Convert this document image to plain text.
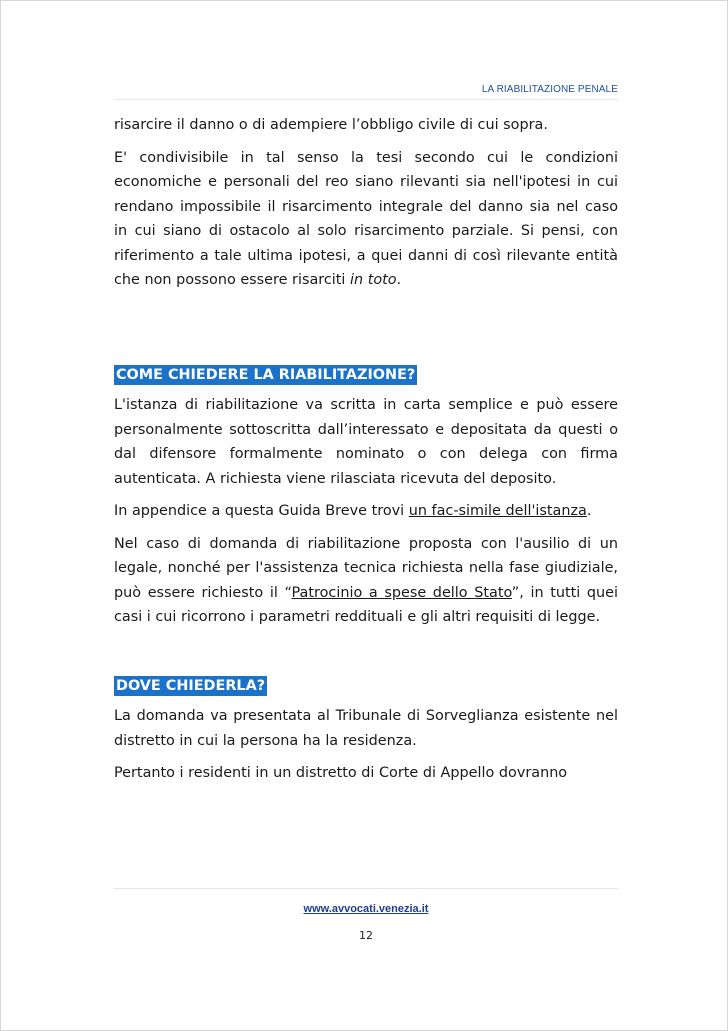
LA RIABILITAZIONE PENALE

risarcire il danno o di adempiere l’obbligo civile di cui sopra.

E' condivisibile in tal senso la tesi secondo cui le condizioni economiche e personali del reo siano rilevanti sia nell'ipotesi in cui rendano impossibile il risarcimento integrale del danno sia nel caso in cui siano di ostacolo al solo risarcimento parziale. Si pensi, con riferimento a tale ultima ipotesi, a quei danni di così rilevante entità che non possono essere risarciti in toto.

COME CHIEDERE LA RIABILITAZIONE?

L'istanza di riabilitazione va scritta in carta semplice e può essere personalmente sottoscritta dall’interessato e depositata da questi o dal difensore formalmente nominato o con delega con firma autenticata. A richiesta viene rilasciata ricevuta del deposito.

In appendice a questa Guida Breve trovi un fac-simile dell'istanza.

Nel caso di domanda di riabilitazione proposta con l'ausilio di un legale, nonché per l'assistenza tecnica richiesta nella fase giudiziale, può essere richiesto il “Patrocinio a spese dello Stato”, in tutti quei casi i cui ricorrono i parametri reddituali e gli altri requisiti di legge.

DOVE CHIEDERLA?

La domanda va presentata al Tribunale di Sorveglianza esistente nel distretto in cui la persona ha la residenza.

Pertanto i residenti in un distretto di Corte di Appello dovranno

www.avvocati.venezia.it
12
